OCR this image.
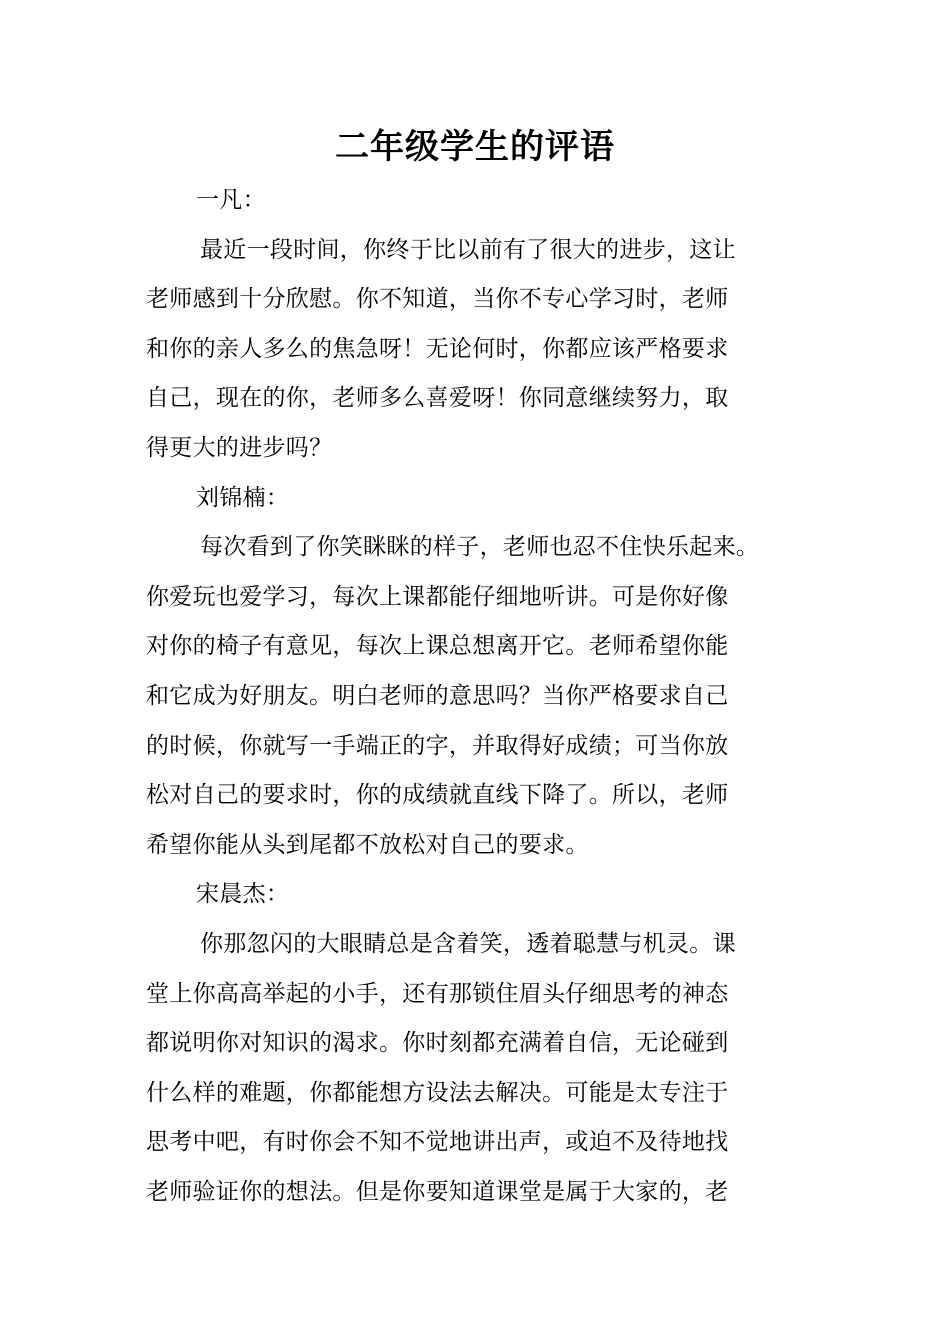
二年级学生的评语
一凡：
最近一段时间，你终于比以前有了很大的进步，这让
老师感到十分欣慰。你不知道，当你不专心学习时，老师
和你的亲人多么的焦急呀！无论何时，你都应该严格要求
自己，现在的你，老师多么喜爱呀！你同意继续努力，取
得更大的进步吗？
刘锦楠：
每次看到了你笑眯眯的样子，老师也忍不住快乐起来。
你爱玩也爱学习，每次上课都能仔细地听讲。可是你好像
对你的椅子有意见，每次上课总想离开它。老师希望你能
和它成为好朋友。明白老师的意思吗？当你严格要求自己
的时候，你就写一手端正的字，并取得好成绩；可当你放
松对自己的要求时，你的成绩就直线下降了。所以，老师
希望你能从头到尾都不放松对自己的要求。
宋晨杰：
你那忽闪的大眼睛总是含着笑，透着聪慧与机灵。课
堂上你高高举起的小手，还有那锁住眉头仔细思考的神态
都说明你对知识的渴求。你时刻都充满着自信，无论碰到
什么样的难题，你都能想方设法去解决。可能是太专注于
思考中吧，有时你会不知不觉地讲出声，或迫不及待地找
老师验证你的想法。但是你要知道课堂是属于大家的，老
